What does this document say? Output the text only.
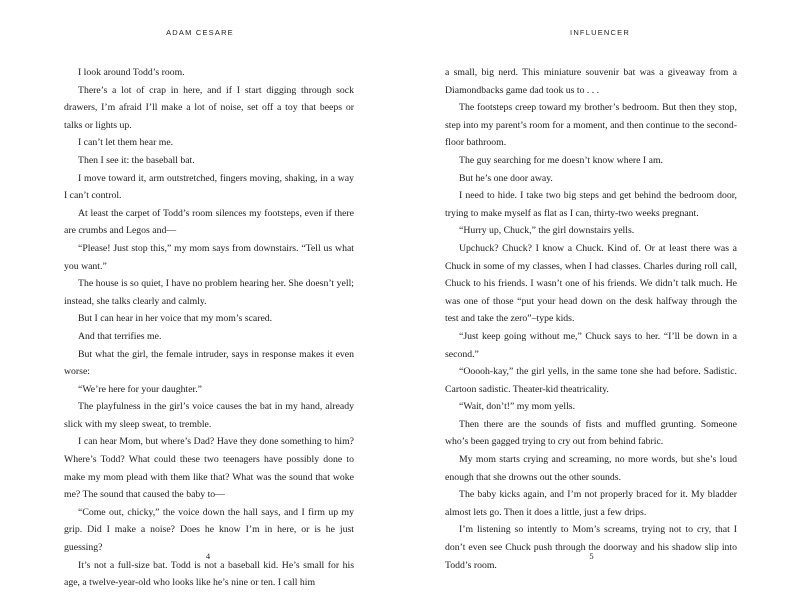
ADAM CESARE

I look around Todd’s room.

There’s a lot of crap in here, and if I start digging through sock drawers, I’m afraid I’ll make a lot of noise, set off a toy that beeps or talks or lights up.

I can’t let them hear me.

Then I see it: the baseball bat.

I move toward it, arm outstretched, fingers moving, shaking, in a way I can’t control.

At least the carpet of Todd’s room silences my footsteps, even if there are crumbs and Legos and—

“Please! Just stop this,” my mom says from downstairs. “Tell us what you want.”

The house is so quiet, I have no problem hearing her. She doesn’t yell; instead, she talks clearly and calmly.

But I can hear in her voice that my mom’s scared.

And that terrifies me.

But what the girl, the female intruder, says in response makes it even worse:

“We’re here for your daughter.”

The playfulness in the girl’s voice causes the bat in my hand, already slick with my sleep sweat, to tremble.

I can hear Mom, but where’s Dad? Have they done something to him? Where’s Todd? What could these two teenagers have possibly done to make my mom plead with them like that? What was the sound that woke me? The sound that caused the baby to—

“Come out, chicky,” the voice down the hall says, and I firm up my grip. Did I make a noise? Does he know I’m in here, or is he just guessing?

It’s not a full-size bat. Todd is not a baseball kid. He’s small for his age, a twelve-year-old who looks like he’s nine or ten. I call him

4
INFLUENCER

a small, big nerd. This miniature souvenir bat was a giveaway from a Diamondbacks game dad took us to . . .

The footsteps creep toward my brother’s bedroom. But then they stop, step into my parent’s room for a moment, and then continue to the second-floor bathroom.

The guy searching for me doesn’t know where I am.

But he’s one door away.

I need to hide. I take two big steps and get behind the bedroom door, trying to make myself as flat as I can, thirty-two weeks pregnant.

“Hurry up, Chuck,” the girl downstairs yells.

Upchuck? Chuck? I know a Chuck. Kind of. Or at least there was a Chuck in some of my classes, when I had classes. Charles during roll call, Chuck to his friends. I wasn’t one of his friends. We didn’t talk much. He was one of those “put your head down on the desk halfway through the test and take the zero”–type kids.

“Just keep going without me,” Chuck says to her. “I’ll be down in a second.”

“Ooooh-kay,” the girl yells, in the same tone she had before. Sadistic. Cartoon sadistic. Theater-kid theatricality.

“Wait, don’t!” my mom yells.

Then there are the sounds of fists and muffled grunting. Someone who’s been gagged trying to cry out from behind fabric.

My mom starts crying and screaming, no more words, but she’s loud enough that she drowns out the other sounds.

The baby kicks again, and I’m not properly braced for it. My bladder almost lets go. Then it does a little, just a few drips.

I’m listening so intently to Mom’s screams, trying not to cry, that I don’t even see Chuck push through the doorway and his shadow slip into Todd’s room.

5
